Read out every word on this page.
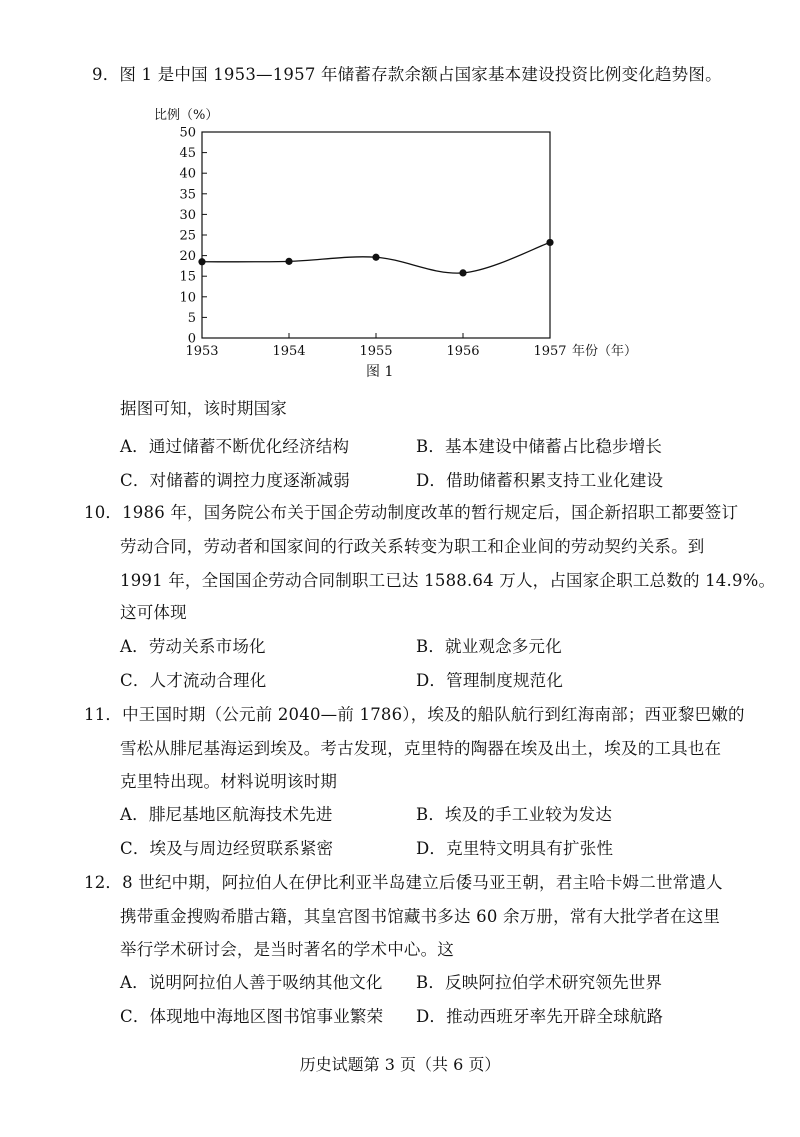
9．图 1 是中国 1953—1957 年储蓄存款余额占国家基本建设投资比例变化趋势图。
比例（%）
0
5
10
15
20
25
30
35
40
45
50
1953	1954	1955	1956	1957 年份（年）
图 1
据图可知，该时期国家
A．通过储蓄不断优化经济结构	B．基本建设中储蓄占比稳步增长
C．对储蓄的调控力度逐渐减弱	D．借助储蓄积累支持工业化建设
10．1986 年，国务院公布关于国企劳动制度改革的暂行规定后，国企新招职工都要签订
劳动合同，劳动者和国家间的行政关系转变为职工和企业间的劳动契约关系。到
1991 年，全国国企劳动合同制职工已达 1588.64 万人，占国家企职工总数的 14.9%。
这可体现
A．劳动关系市场化	B．就业观念多元化
C．人才流动合理化	D．管理制度规范化
11．中王国时期（公元前 2040—前 1786），埃及的船队航行到红海南部；西亚黎巴嫩的
雪松从腓尼基海运到埃及。考古发现，克里特的陶器在埃及出土，埃及的工具也在
克里特出现。材料说明该时期
A．腓尼基地区航海技术先进	B．埃及的手工业较为发达
C．埃及与周边经贸联系紧密	D．克里特文明具有扩张性
12．8 世纪中期，阿拉伯人在伊比利亚半岛建立后倭马亚王朝，君主哈卡姆二世常遣人
携带重金搜购希腊古籍，其皇宫图书馆藏书多达 60 余万册，常有大批学者在这里
举行学术研讨会，是当时著名的学术中心。这
A．说明阿拉伯人善于吸纳其他文化 B．反映阿拉伯学术研究领先世界
C．体现地中海地区图书馆事业繁荣 D．推动西班牙率先开辟全球航路
历史试题第 3 页（共 6 页）
